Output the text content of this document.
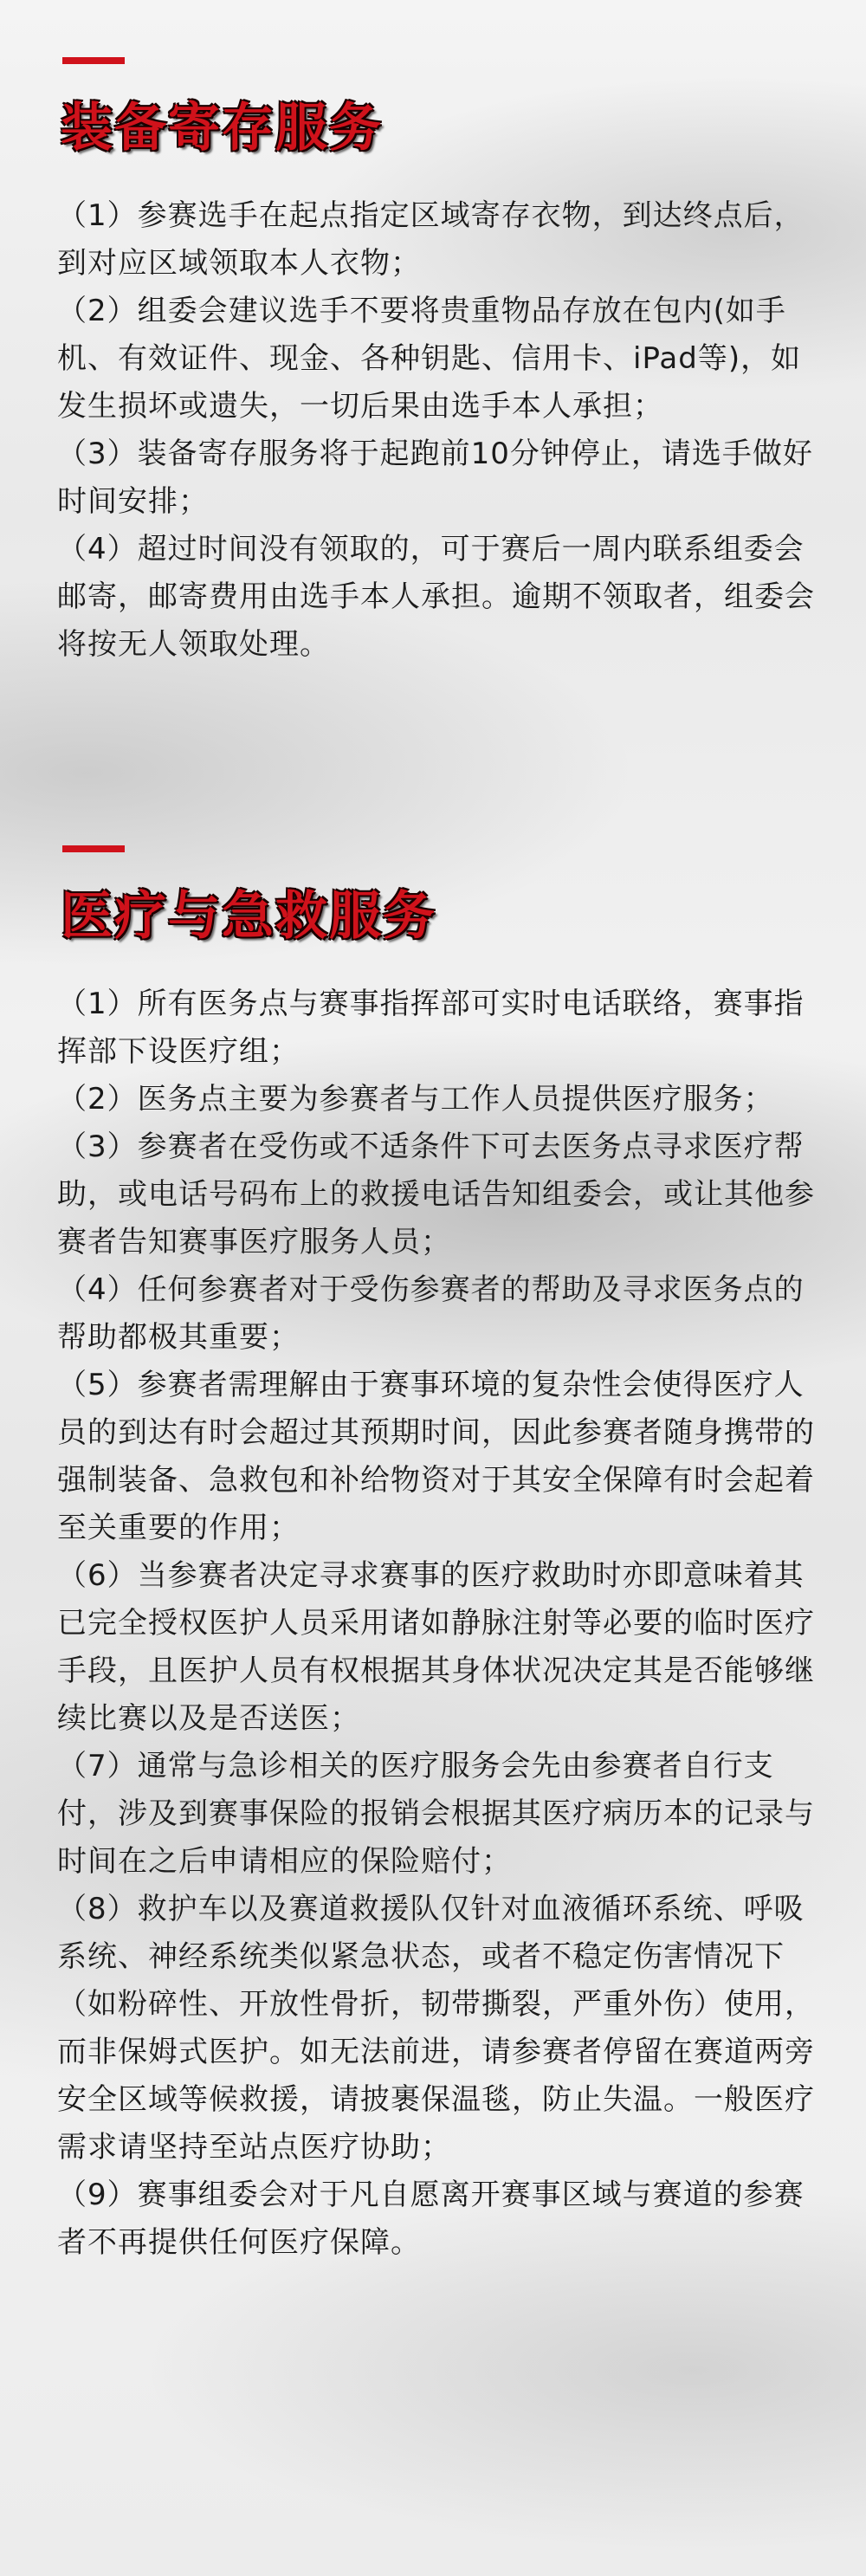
装备寄存服务
（1）参赛选手在起点指定区域寄存衣物，到达终点后，到对应区域领取本人衣物；
（2）组委会建议选手不要将贵重物品存放在包内(如手机、有效证件、现金、各种钥匙、信用卡、iPad等)，如发生损坏或遗失，一切后果由选手本人承担；
（3）装备寄存服务将于起跑前10分钟停止，请选手做好时间安排；
（4）超过时间没有领取的，可于赛后一周内联系组委会邮寄，邮寄费用由选手本人承担。逾期不领取者，组委会将按无人领取处理。
医疗与急救服务
（1）所有医务点与赛事指挥部可实时电话联络，赛事指挥部下设医疗组；
（2）医务点主要为参赛者与工作人员提供医疗服务；
（3）参赛者在受伤或不适条件下可去医务点寻求医疗帮助，或电话号码布上的救援电话告知组委会，或让其他参赛者告知赛事医疗服务人员；
（4）任何参赛者对于受伤参赛者的帮助及寻求医务点的帮助都极其重要；
（5）参赛者需理解由于赛事环境的复杂性会使得医疗人员的到达有时会超过其预期时间，因此参赛者随身携带的强制装备、急救包和补给物资对于其安全保障有时会起着至关重要的作用；
（6）当参赛者决定寻求赛事的医疗救助时亦即意味着其已完全授权医护人员采用诸如静脉注射等必要的临时医疗手段，且医护人员有权根据其身体状况决定其是否能够继续比赛以及是否送医；
（7）通常与急诊相关的医疗服务会先由参赛者自行支付，涉及到赛事保险的报销会根据其医疗病历本的记录与时间在之后申请相应的保险赔付；
（8）救护车以及赛道救援队仅针对血液循环系统、呼吸系统、神经系统类似紧急状态，或者不稳定伤害情况下（如粉碎性、开放性骨折，韧带撕裂，严重外伤）使用，而非保姆式医护。如无法前进，请参赛者停留在赛道两旁安全区域等候救援，请披裹保温毯，防止失温。一般医疗需求请坚持至站点医疗协助；
（9）赛事组委会对于凡自愿离开赛事区域与赛道的参赛者不再提供任何医疗保障。
